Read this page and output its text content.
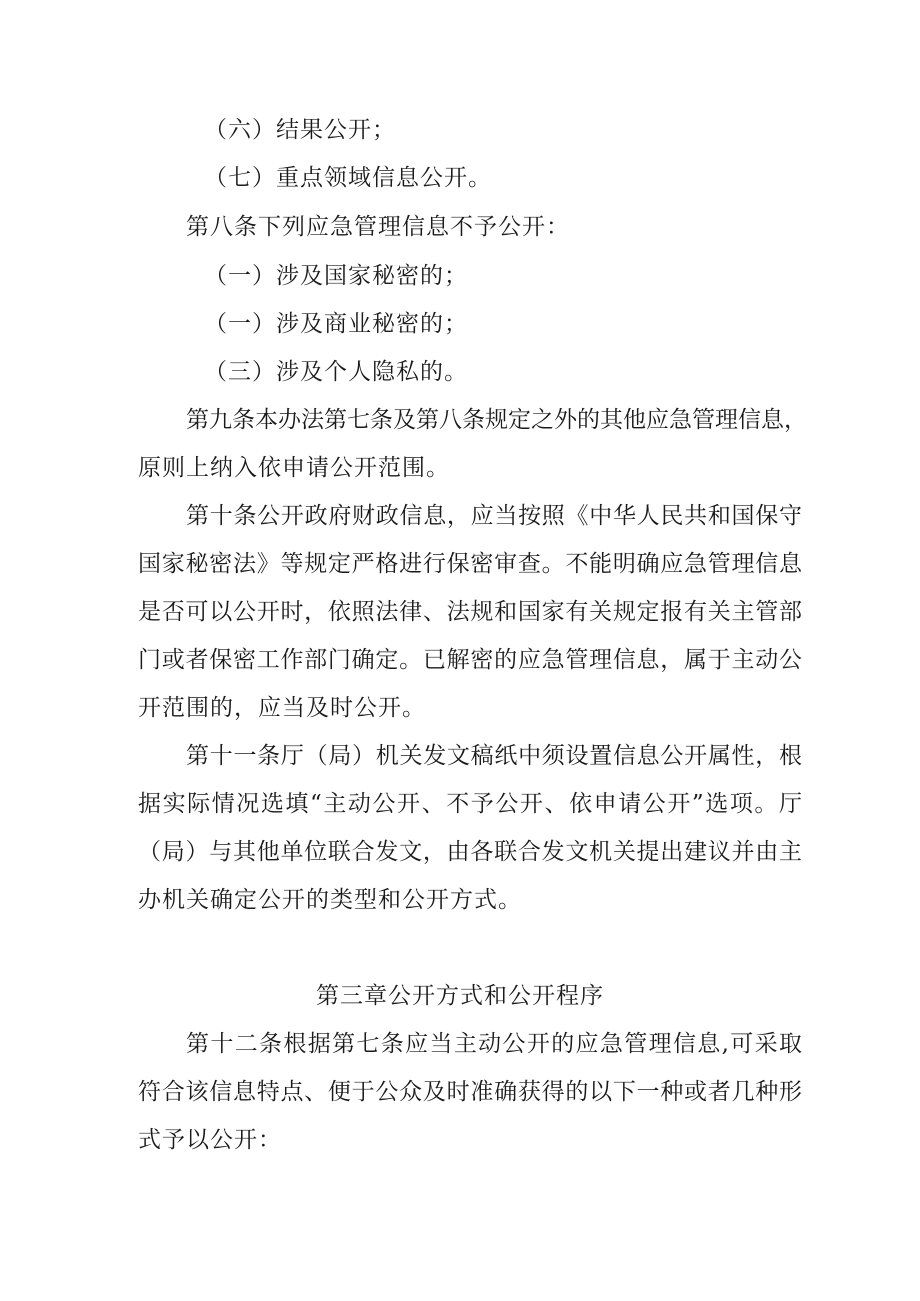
（六）结果公开；
（七）重点领域信息公开。
第八条下列应急管理信息不予公开：
（一）涉及国家秘密的；
（一）涉及商业秘密的；
（三）涉及个人隐私的。
第九条本办法第七条及第八条规定之外的其他应急管理信息，
原则上纳入依申请公开范围。
第十条公开政府财政信息，应当按照《中华人民共和国保守
国家秘密法》等规定严格进行保密审查。不能明确应急管理信息
是否可以公开时，依照法律、法规和国家有关规定报有关主管部
门或者保密工作部门确定。已解密的应急管理信息，属于主动公
开范围的，应当及时公开。
第十一条厅（局）机关发文稿纸中须设置信息公开属性，根
据实际情况选填“主动公开、不予公开、依申请公开”选项。厅
（局）与其他单位联合发文，由各联合发文机关提出建议并由主
办机关确定公开的类型和公开方式。
第三章公开方式和公开程序
第十二条根据第七条应当主动公开的应急管理信息,可采取
符合该信息特点、便于公众及时准确获得的以下一种或者几种形
式予以公开：
